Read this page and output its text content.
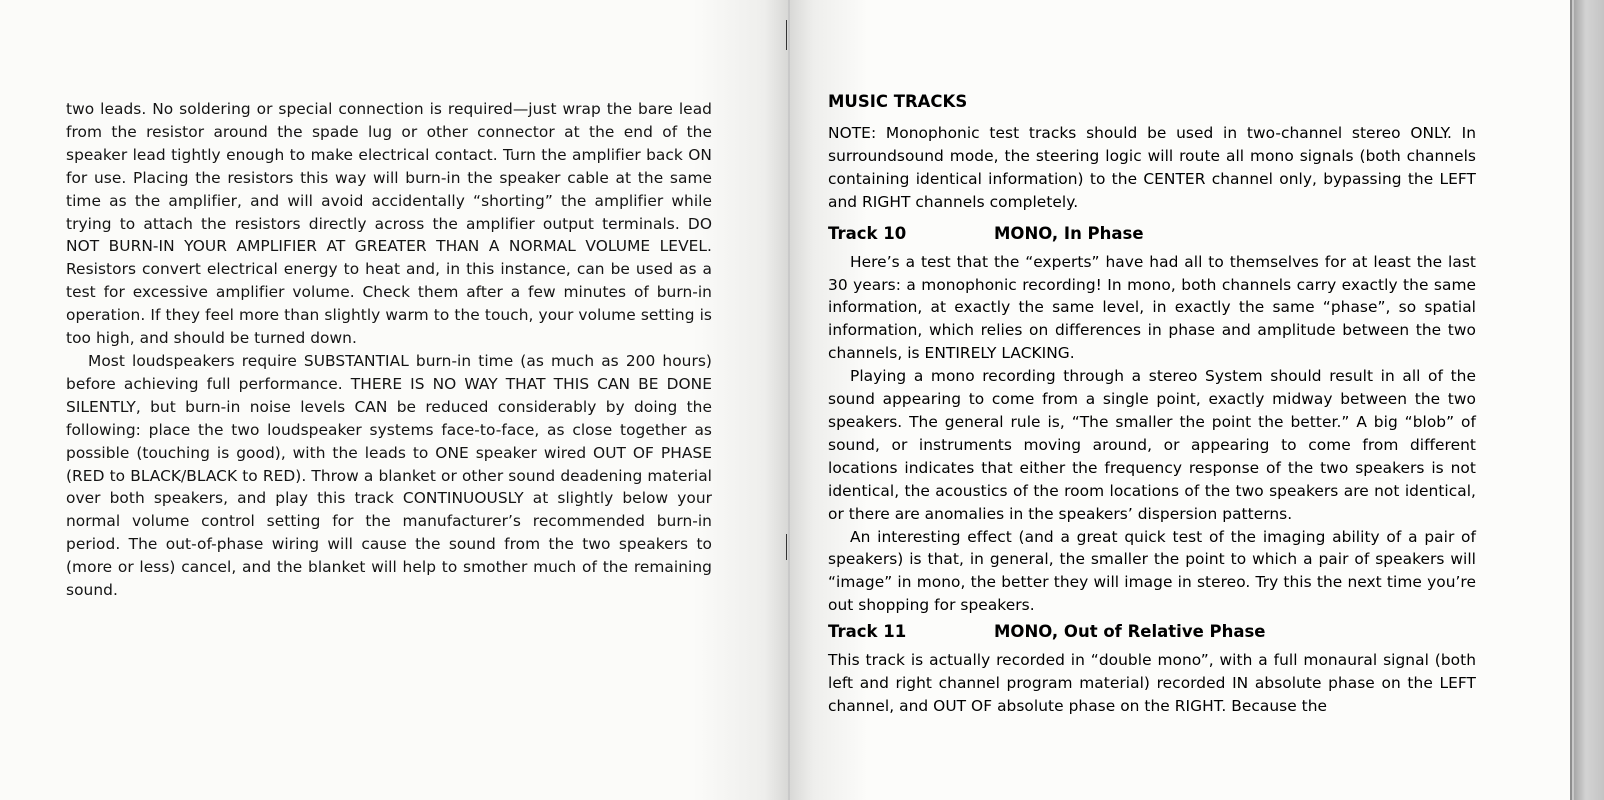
two leads. No soldering or special connection is required—just wrap the bare lead from the resistor around the spade lug or other connector at the end of the speaker lead tightly enough to make electrical contact. Turn the amplifier back ON for use. Placing the resistors this way will burn-in the speaker cable at the same time as the amplifier, and will avoid accidentally “shorting” the amplifier while trying to attach the resistors directly across the amplifier output terminals. DO NOT BURN-IN YOUR AMPLIFIER AT GREATER THAN A NORMAL VOLUME LEVEL. Resistors convert electrical energy to heat and, in this instance, can be used as a test for excessive amplifier volume. Check them after a few minutes of burn-in operation. If they feel more than slightly warm to the touch, your volume setting is too high, and should be turned down.

Most loudspeakers require SUBSTANTIAL burn-in time (as much as 200 hours) before achieving full performance. THERE IS NO WAY THAT THIS CAN BE DONE SILENTLY, but burn-in noise levels CAN be reduced considerably by doing the following: place the two loudspeaker systems face-to-face, as close together as possible (touching is good), with the leads to ONE speaker wired OUT OF PHASE (RED to BLACK/BLACK to RED). Throw a blanket or other sound deadening material over both speakers, and play this track CONTINUOUSLY at slightly below your normal volume control setting for the manufacturer’s recommended burn-in period. The out-of-phase wiring will cause the sound from the two speakers to (more or less) cancel, and the blanket will help to smother much of the remaining sound.

MUSIC TRACKS

NOTE: Monophonic test tracks should be used in two-channel stereo ONLY. In surroundsound mode, the steering logic will route all mono signals (both channels containing identical information) to the CENTER channel only, bypassing the LEFT and RIGHT channels completely.

Track 10	MONO, In Phase

Here’s a test that the “experts” have had all to themselves for at least the last 30 years: a monophonic recording! In mono, both channels carry exactly the same information, at exactly the same level, in exactly the same “phase”, so spatial information, which relies on differences in phase and amplitude between the two channels, is ENTIRELY LACKING.

Playing a mono recording through a stereo System should result in all of the sound appearing to come from a single point, exactly midway between the two speakers. The general rule is, “The smaller the point the better.” A big “blob” of sound, or instruments moving around, or appearing to come from different locations indicates that either the frequency response of the two speakers is not identical, the acoustics of the room locations of the two speakers are not identical, or there are anomalies in the speakers’ dispersion patterns.

An interesting effect (and a great quick test of the imaging ability of a pair of speakers) is that, in general, the smaller the point to which a pair of speakers will “image” in mono, the better they will image in stereo. Try this the next time you’re out shopping for speakers.

Track 11	MONO, Out of Relative Phase

This track is actually recorded in “double mono”, with a full monaural signal (both left and right channel program material) recorded IN absolute phase on the LEFT channel, and OUT OF absolute phase on the RIGHT. Because the
